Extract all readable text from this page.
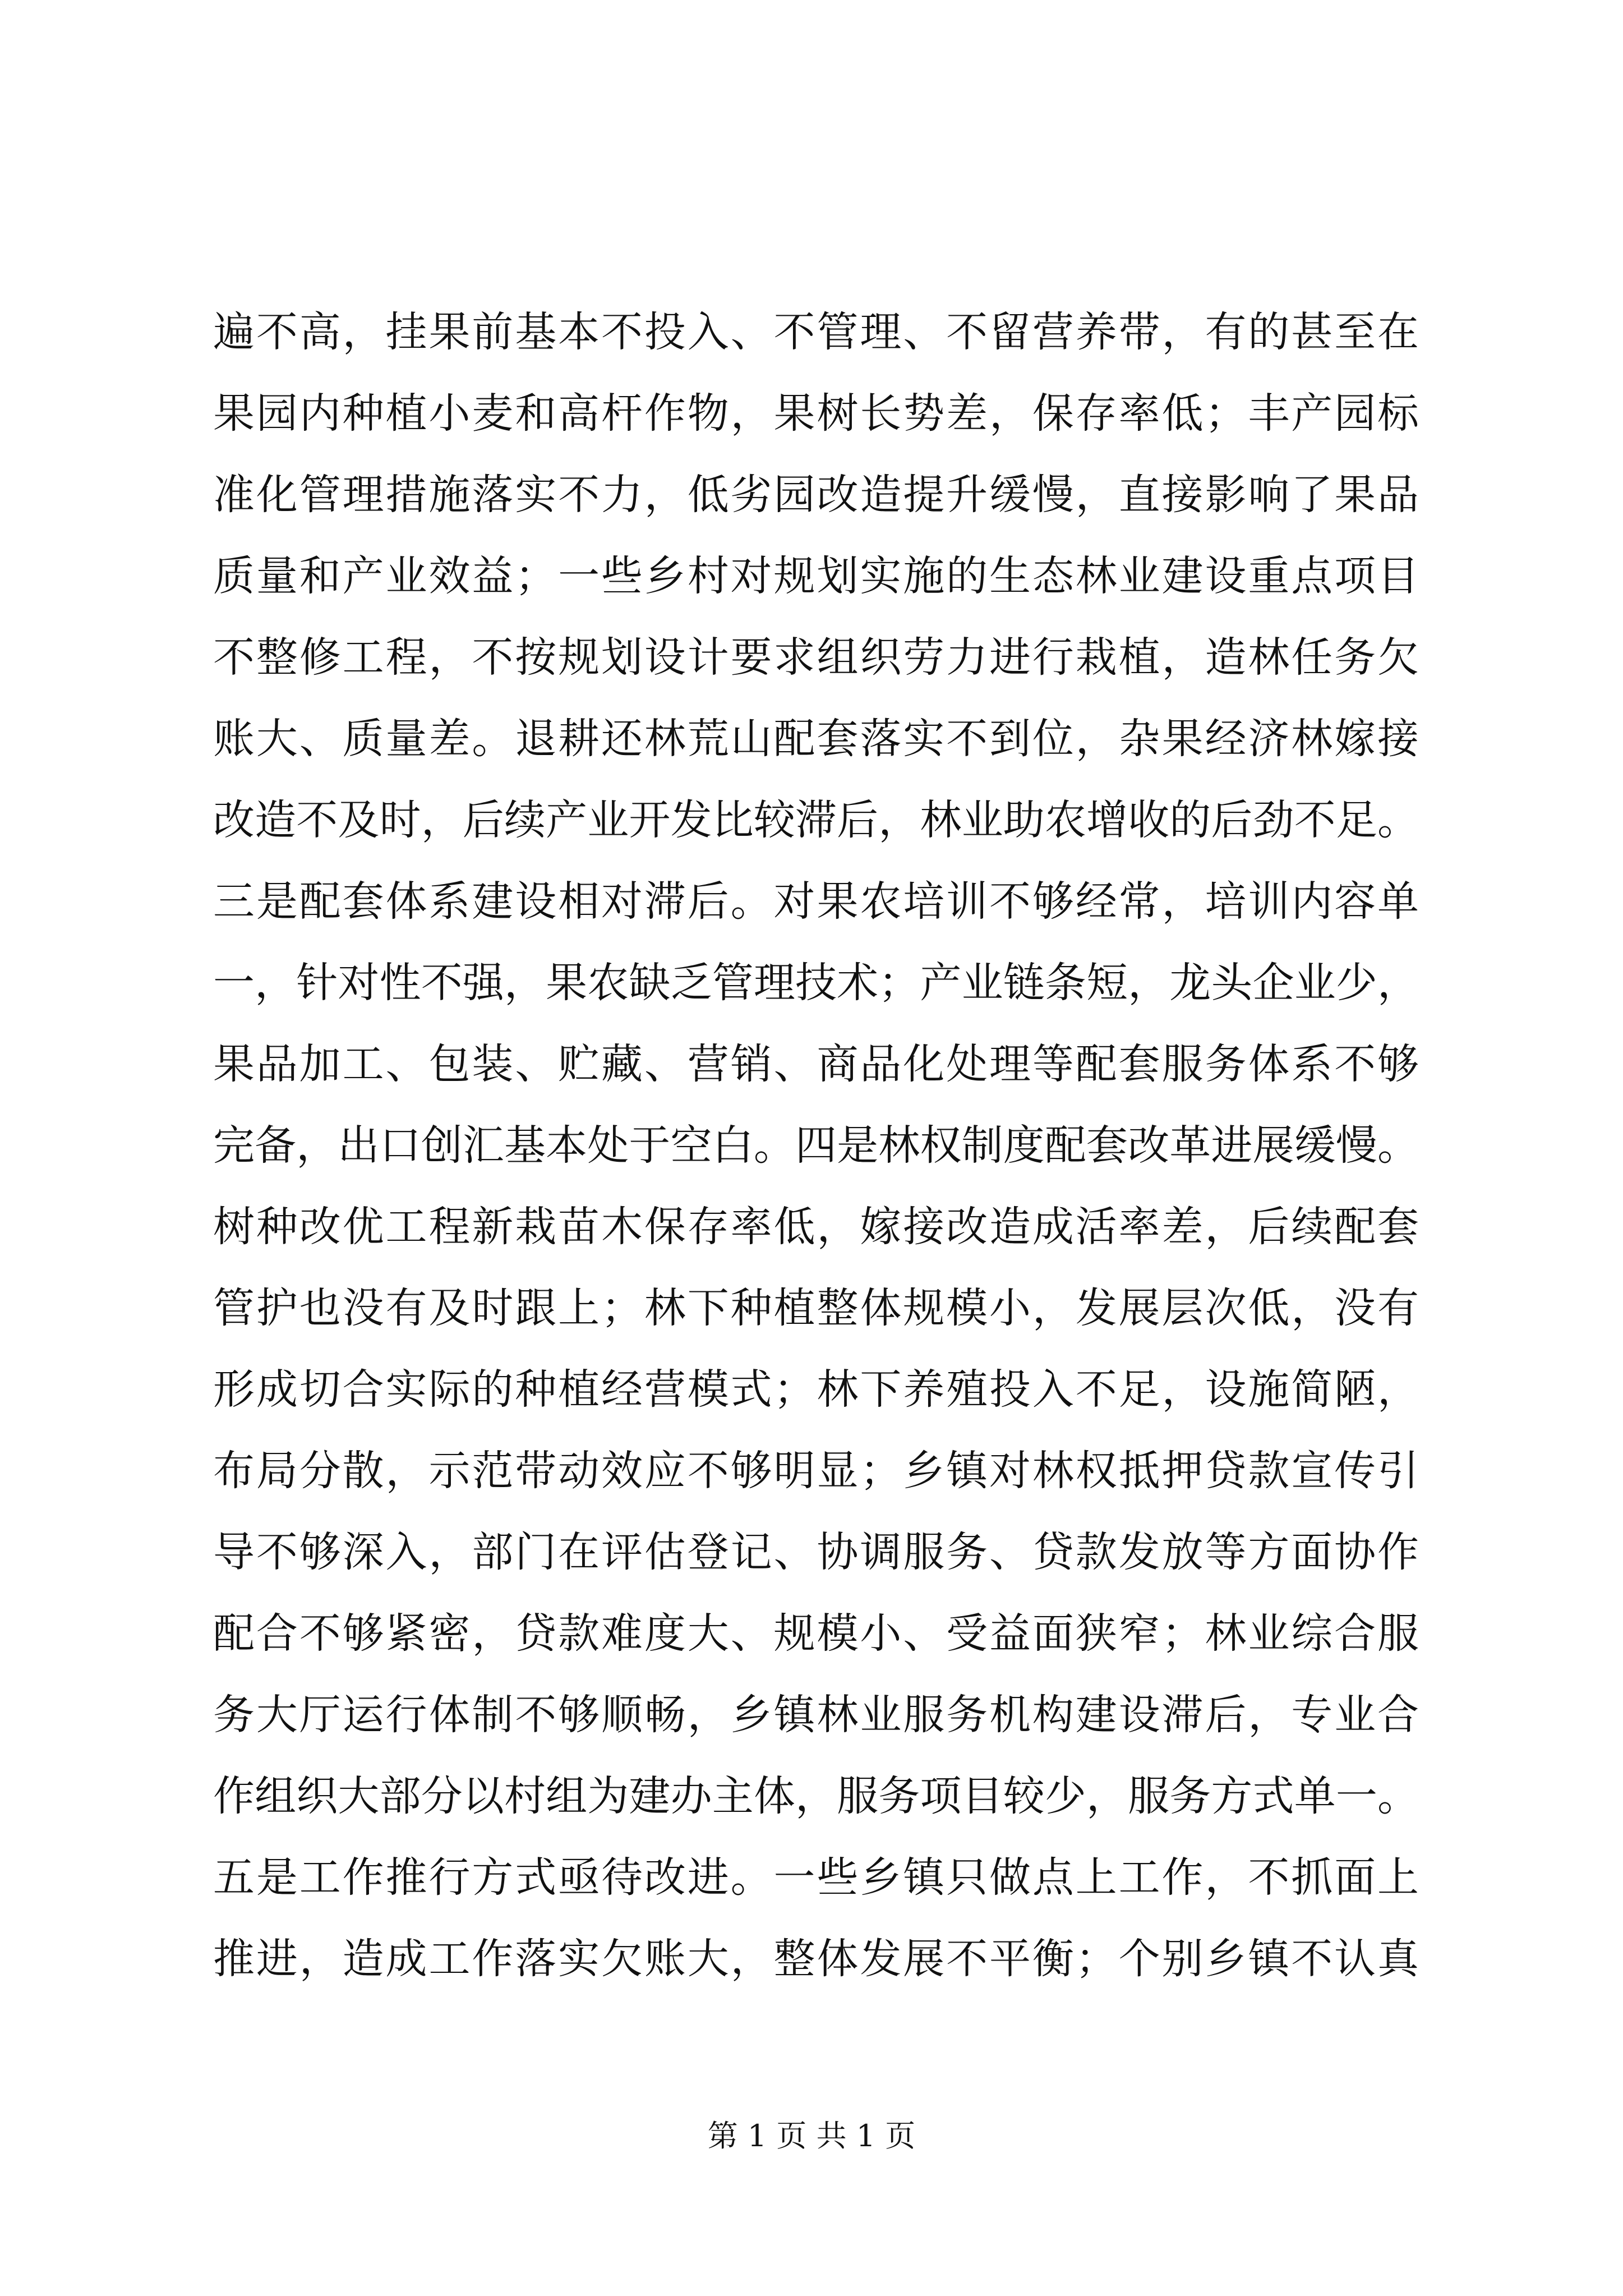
遍不高，挂果前基本不投入、不管理、不留营养带，有的甚至在
果园内种植小麦和高杆作物，果树长势差，保存率低；丰产园标
准化管理措施落实不力，低劣园改造提升缓慢，直接影响了果品
质量和产业效益；一些乡村对规划实施的生态林业建设重点项目
不整修工程，不按规划设计要求组织劳力进行栽植，造林任务欠
账大、质量差。退耕还林荒山配套落实不到位，杂果经济林嫁接
改造不及时，后续产业开发比较滞后，林业助农增收的后劲不足。
三是配套体系建设相对滞后。对果农培训不够经常，培训内容单
一，针对性不强，果农缺乏管理技术；产业链条短，龙头企业少，
果品加工、包装、贮藏、营销、商品化处理等配套服务体系不够
完备，出口创汇基本处于空白。四是林权制度配套改革进展缓慢。
树种改优工程新栽苗木保存率低，嫁接改造成活率差，后续配套
管护也没有及时跟上；林下种植整体规模小，发展层次低，没有
形成切合实际的种植经营模式；林下养殖投入不足，设施简陋，
布局分散，示范带动效应不够明显；乡镇对林权抵押贷款宣传引
导不够深入，部门在评估登记、协调服务、贷款发放等方面协作
配合不够紧密，贷款难度大、规模小、受益面狭窄；林业综合服
务大厅运行体制不够顺畅，乡镇林业服务机构建设滞后，专业合
作组织大部分以村组为建办主体，服务项目较少，服务方式单一。
五是工作推行方式亟待改进。一些乡镇只做点上工作，不抓面上
推进，造成工作落实欠账大，整体发展不平衡；个别乡镇不认真
第 1 页 共 1 页
